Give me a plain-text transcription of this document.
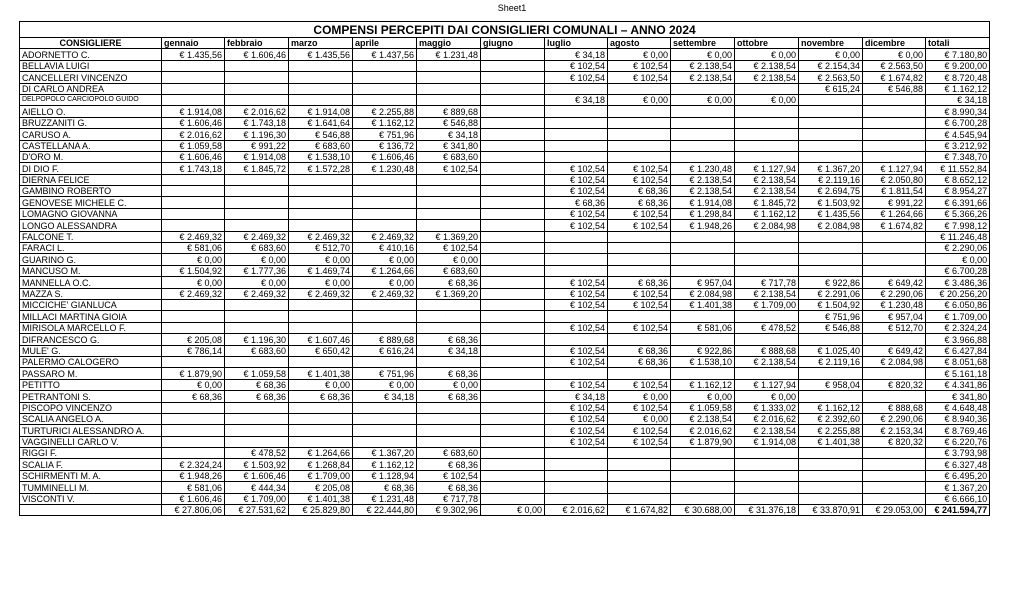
Sheet1
COMPENSI PERCEPITI DAI CONSIGLIERI COMUNALI – ANNO 2024													
CONSIGLIERE	gennaio	febbraio	marzo	aprile	maggio	giugno	luglio	agosto	settembre	ottobre	novembre	dicembre	totali
ADORNETTO C.	€ 1.435,56	€ 1.606,46	€ 1.435,56	€ 1.437,56	€ 1.231,48		€ 34,18	€ 0,00	€ 0,00	€ 0,00	€ 0,00	€ 0,00	€ 7.180,80
BELLAVIA LUIGI							€ 102,54	€ 102,54	€ 2.138,54	€ 2.138,54	€ 2.154,34	€ 2.563,50	€ 9.200,00
CANCELLERI VINCENZO							€ 102,54	€ 102,54	€ 2.138,54	€ 2.138,54	€ 2.563,50	€ 1.674,82	€ 8.720,48
DI CARLO ANDREA											€ 615,24	€ 546,88	€ 1.162,12
DELPOPOLO CARCIOPOLO GUIDO							€ 34,18	€ 0,00	€ 0,00	€ 0,00			€ 34,18
AIELLO O.	€ 1.914,08	€ 2.016,62	€ 1.914,08	€ 2.255,88	€ 889,68								€ 8.990,34
BRUZZANITI G.	€ 1.606,46	€ 1.743,18	€ 1.641,64	€ 1.162,12	€ 546,88								€ 6.700,28
CARUSO A.	€ 2.016,62	€ 1.196,30	€ 546,88	€ 751,96	€ 34,18								€ 4.545,94
CASTELLANA A.	€ 1.059,58	€ 991,22	€ 683,60	€ 136,72	€ 341,80								€ 3.212,92
D'ORO M.	€ 1.606,46	€ 1.914,08	€ 1.538,10	€ 1.606,46	€ 683,60								€ 7.348,70
DI DIO F.	€ 1.743,18	€ 1.845,72	€ 1.572,28	€ 1.230,48	€ 102,54		€ 102,54	€ 102,54	€ 1.230,48	€ 1.127,94	€ 1.367,20	€ 1.127,94	€ 11.552,84
DIERNA FELICE							€ 102,54	€ 102,54	€ 2.138,54	€ 2.138,54	€ 2.119,16	€ 2.050,80	€ 8.652,12
GAMBINO ROBERTO							€ 102,54	€ 68,36	€ 2.138,54	€ 2.138,54	€ 2.694,75	€ 1.811,54	€ 8.954,27
GENOVESE MICHELE C.							€ 68,36	€ 68,36	€ 1.914,08	€ 1.845,72	€ 1.503,92	€ 991,22	€ 6.391,66
LOMAGNO GIOVANNA							€ 102,54	€ 102,54	€ 1.298,84	€ 1.162,12	€ 1.435,56	€ 1.264,66	€ 5.366,26
LONGO ALESSANDRA							€ 102,54	€ 102,54	€ 1.948,26	€ 2.084,98	€ 2.084,98	€ 1.674,82	€ 7.998,12
FALCONE T.	€ 2.469,32	€ 2.469,32	€ 2.469,32	€ 2.469,32	€ 1.369,20								€ 11.246,48
FARACI L.	€ 581,06	€ 683,60	€ 512,70	€ 410,16	€ 102,54								€ 2.290,06
GUARINO G.	€ 0,00	€ 0,00	€ 0,00	€ 0,00	€ 0,00								€ 0,00
MANCUSO M.	€ 1.504,92	€ 1.777,36	€ 1.469,74	€ 1.264,66	€ 683,60								€ 6.700,28
MANNELLA O.C.	€ 0,00	€ 0,00	€ 0,00	€ 0,00	€ 68,36		€ 102,54	€ 68,36	€ 957,04	€ 717,78	€ 922,86	€ 649,42	€ 3.486,36
MAZZA S.	€ 2.469,32	€ 2.469,32	€ 2.469,32	€ 2.469,32	€ 1.369,20		€ 102,54	€ 102,54	€ 2.084,98	€ 2.138,54	€ 2.291,06	€ 2.290,06	€ 20.256,20
MICCICHE' GIANLUCA							€ 102,54	€ 102,54	€ 1.401,38	€ 1.709,00	€ 1.504,92	€ 1.230,48	€ 6.050,86
MILLACI MARTINA GIOIA											€ 751,96	€ 957,04	€ 1.709,00
MIRISOLA MARCELLO F.							€ 102,54	€ 102,54	€ 581,06	€ 478,52	€ 546,88	€ 512,70	€ 2.324,24
DIFRANCESCO G.	€ 205,08	€ 1.196,30	€ 1.607,46	€ 889,68	€ 68,36								€ 3.966,88
MULE' G.	€ 786,14	€ 683,60	€ 650,42	€ 616,24	€ 34,18		€ 102,54	€ 68,36	€ 922,86	€ 888,68	€ 1.025,40	€ 649,42	€ 6.427,84
PALERMO CALOGERO							€ 102,54	€ 68,36	€ 1.538,10	€ 2.138,54	€ 2.119,16	€ 2.084,98	€ 8.051,68
PASSARO M.	€ 1.879,90	€ 1.059,58	€ 1.401,38	€ 751,96	€ 68,36								€ 5.161,18
PETITTO	€ 0,00	€ 68,36	€ 0,00	€ 0,00	€ 0,00		€ 102,54	€ 102,54	€ 1.162,12	€ 1.127,94	€ 958,04	€ 820,32	€ 4.341,86
PETRANTONI S.	€ 68,36	€ 68,36	€ 68,36	€ 34,18	€ 68,36		€ 34,18	€ 0,00	€ 0,00	€ 0,00			€ 341,80
PISCOPO VINCENZO							€ 102,54	€ 102,54	€ 1.059,58	€ 1.333,02	€ 1.162,12	€ 888,68	€ 4.648,48
SCALIA ANGELO A.							€ 102,54	€ 0,00	€ 2.138,54	€ 2.016,62	€ 2.392,60	€ 2.290,06	€ 8.940,36
TURTURICI ALESSANDRO A.							€ 102,54	€ 102,54	€ 2.016,62	€ 2.138,54	€ 2.255,88	€ 2.153,34	€ 8.769,46
VAGGINELLI CARLO V.							€ 102,54	€ 102,54	€ 1.879,90	€ 1.914,08	€ 1.401,38	€ 820,32	€ 6.220,76
RIGGI F.		€ 478,52	€ 1.264,66	€ 1.367,20	€ 683,60								€ 3.793,98
SCALIA F.	€ 2.324,24	€ 1.503,92	€ 1.268,84	€ 1.162,12	€ 68,36								€ 6.327,48
SCHIRMENTI M. A.	€ 1.948,26	€ 1.606,46	€ 1.709,00	€ 1.128,94	€ 102,54								€ 6.495,20
TUMMINELLI M.	€ 581,06	€ 444,34	€ 205,08	€ 68,36	€ 68,36								€ 1.367,20
VISCONTI V.	€ 1.606,46	€ 1.709,00	€ 1.401,38	€ 1.231,48	€ 717,78								€ 6.666,10
	€ 27.806,06	€ 27.531,62	€ 25.829,80	€ 22.444,80	€ 9.302,96	€ 0,00	€ 2.016,62	€ 1.674,82	€ 30.688,00	€ 31.376,18	€ 33.870,91	€ 29.053,00	€ 241.594,77
